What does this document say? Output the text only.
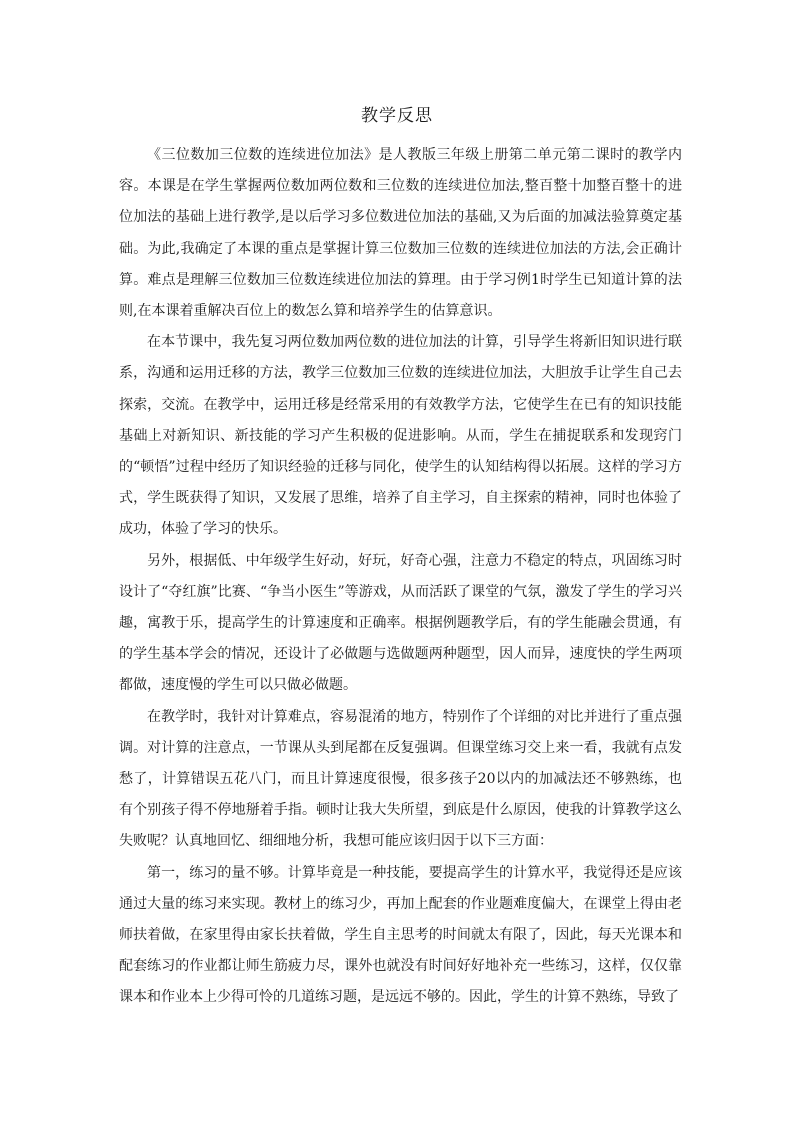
教学反思

《三位数加三位数的连续进位加法》是人教版三年级上册第二单元第二课时的教学内容。本课是在学生掌握两位数加两位数和三位数的连续进位加法,整百整十加整百整十的进位加法的基础上进行教学,是以后学习多位数进位加法的基础,又为后面的加减法验算奠定基础。为此,我确定了本课的重点是掌握计算三位数加三位数的连续进位加法的方法,会正确计算。难点是理解三位数加三位数连续进位加法的算理。由于学习例1时学生已知道计算的法则,在本课着重解决百位上的数怎么算和培养学生的估算意识。

在本节课中，我先复习两位数加两位数的进位加法的计算，引导学生将新旧知识进行联系，沟通和运用迁移的方法，教学三位数加三位数的连续进位加法，大胆放手让学生自己去探索，交流。在教学中，运用迁移是经常采用的有效教学方法，它使学生在已有的知识技能基础上对新知识、新技能的学习产生积极的促进影响。从而，学生在捕捉联系和发现窍门的“顿悟”过程中经历了知识经验的迁移与同化，使学生的认知结构得以拓展。这样的学习方式，学生既获得了知识，又发展了思维，培养了自主学习，自主探索的精神，同时也体验了成功，体验了学习的快乐。

另外，根据低、中年级学生好动，好玩，好奇心强，注意力不稳定的特点，巩固练习时设计了“夺红旗”比赛、“争当小医生”等游戏，从而活跃了课堂的气氛，激发了学生的学习兴趣，寓教于乐，提高学生的计算速度和正确率。根据例题教学后，有的学生能融会贯通，有的学生基本学会的情况，还设计了必做题与选做题两种题型，因人而异，速度快的学生两项都做，速度慢的学生可以只做必做题。

在教学时，我针对计算难点，容易混淆的地方，特别作了个详细的对比并进行了重点强调。对计算的注意点，一节课从头到尾都在反复强调。但课堂练习交上来一看，我就有点发愁了，计算错误五花八门，而且计算速度很慢，很多孩子20以内的加减法还不够熟练，也有个别孩子得不停地掰着手指。顿时让我大失所望，到底是什么原因，使我的计算教学这么失败呢？认真地回忆、细细地分析，我想可能应该归因于以下三方面：

第一，练习的量不够。计算毕竟是一种技能，要提高学生的计算水平，我觉得还是应该通过大量的练习来实现。教材上的练习少，再加上配套的作业题难度偏大，在课堂上得由老师扶着做，在家里得由家长扶着做，学生自主思考的时间就太有限了，因此，每天光课本和配套练习的作业都让师生筋疲力尽，课外也就没有时间好好地补充一些练习，这样，仅仅靠课本和作业本上少得可怜的几道练习题，是远远不够的。因此，学生的计算不熟练，导致了
